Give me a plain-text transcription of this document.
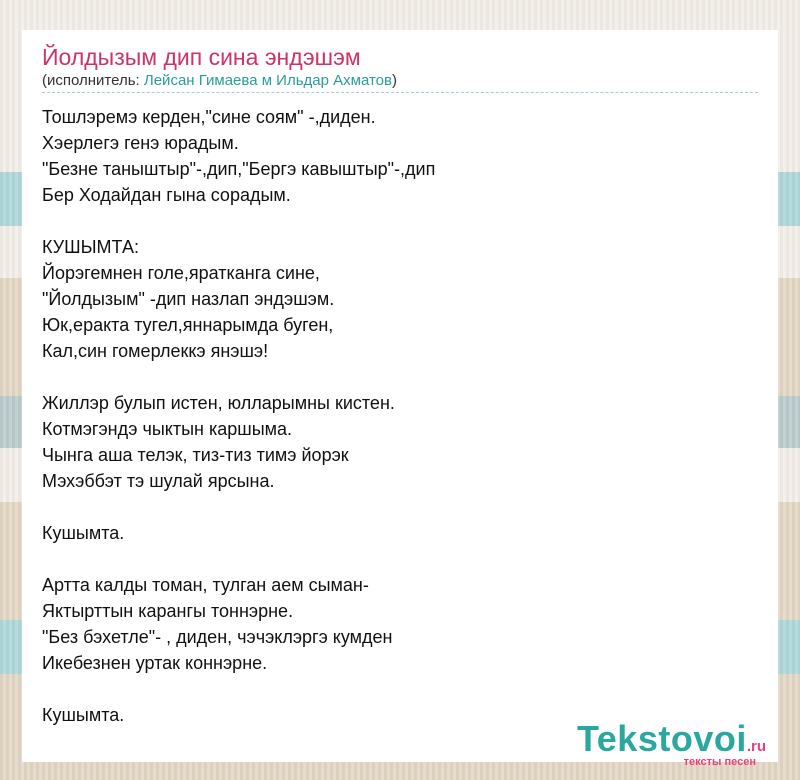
Йолдызым дип сина эндэшэм
(исполнитель: Лейсан Гимаева м Ильдар Ахматов)
Тошлэремэ керден,"сине соям" -,диден.
Хэерлегэ генэ юрадым.
"Безне таныштыр"-,дип,"Бергэ кавыштыр"-,дип
Бер Ходайдан гына сорадым.
КУШЫМТА:
Йорэгемнен голе,яратканга сине,
"Йолдызым" -дип назлап эндэшэм.
Юк,еракта тугел,яннарымда буген,
Кал,син гомерлеккэ янэшэ!
Жиллэр булып истен, юлларымны кистен.
Котмэгэндэ чыктын каршыма.
Чынга аша телэк, тиз-тиз тимэ йорэк
Мэхэббэт тэ шулай ярсына.
Кушымта.
Артта калды томан, тулган аем сыман-
Яктырттын карангы тоннэрне.
"Без бэхетле"- , диден, чэчэклэргэ кумден
Икебезнен уртак коннэрне.
Кушымта.
Tekstovoi.ru
тексты песен
